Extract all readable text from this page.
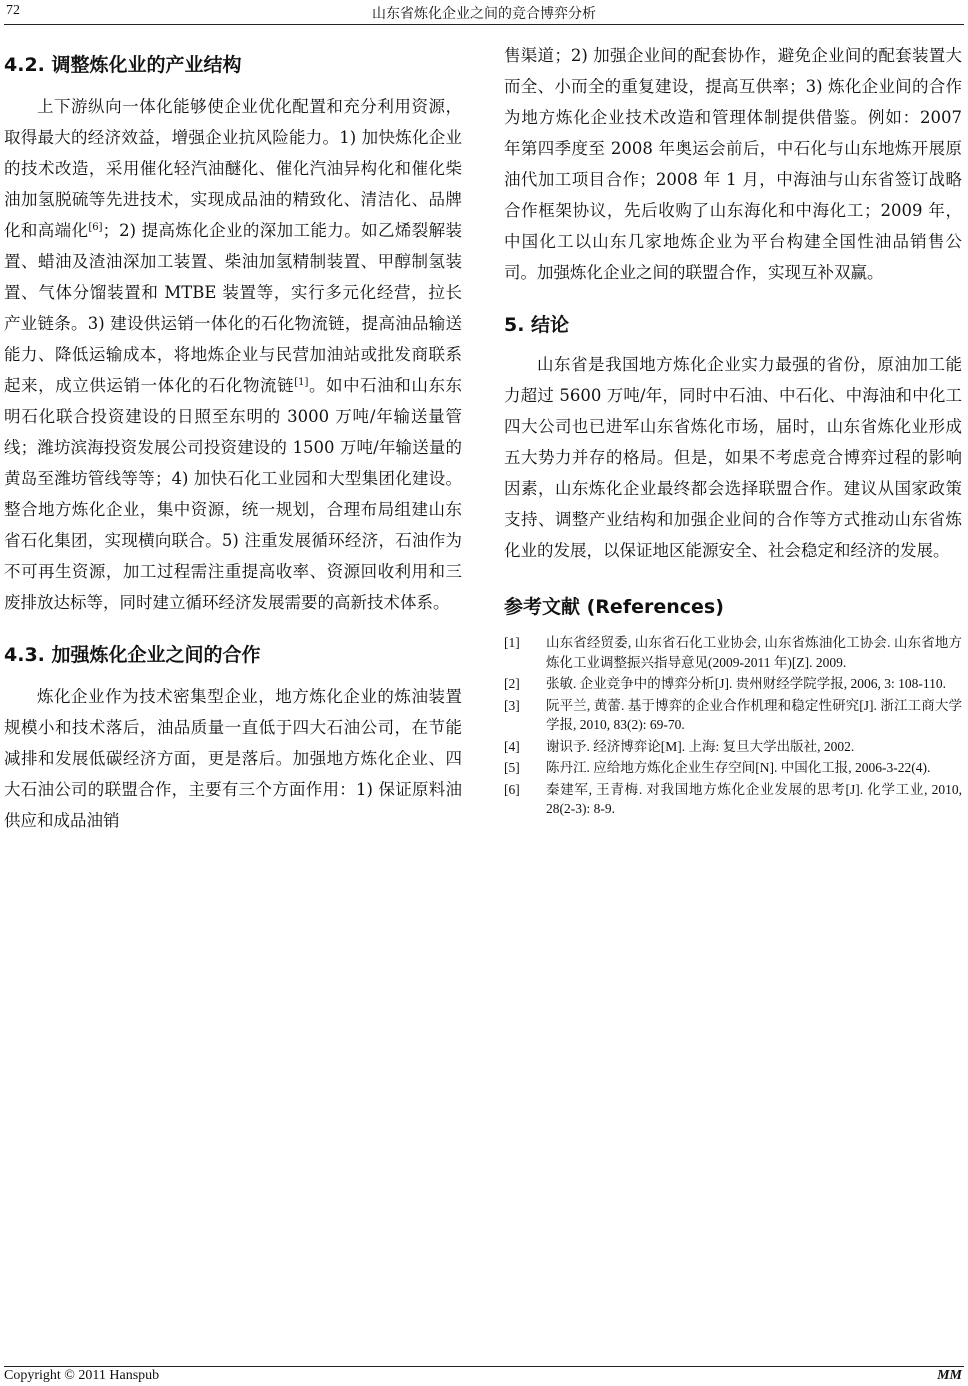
72	山东省炼化企业之间的竞合博弈分析
4.2. 调整炼化业的产业结构

上下游纵向一体化能够使企业优化配置和充分利用资源，取得最大的经济效益，增强企业抗风险能力。1) 加快炼化企业的技术改造，采用催化轻汽油醚化、催化汽油异构化和催化柴油加氢脱硫等先进技术，实现成品油的精致化、清洁化、品牌化和高端化[6]；2) 提高炼化企业的深加工能力。如乙烯裂解装置、蜡油及渣油深加工装置、柴油加氢精制装置、甲醇制氢装置、气体分馏装置和 MTBE 装置等，实行多元化经营，拉长产业链条。3) 建设供运销一体化的石化物流链，提高油品输送能力、降低运输成本，将地炼企业与民营加油站或批发商联系起来，成立供运销一体化的石化物流链[1]。如中石油和山东东明石化联合投资建设的日照至东明的 3000 万吨/年输送量管线；潍坊滨海投资发展公司投资建设的 1500 万吨/年输送量的黄岛至潍坊管线等等；4) 加快石化工业园和大型集团化建设。整合地方炼化企业，集中资源，统一规划，合理布局组建山东省石化集团，实现横向联合。5) 注重发展循环经济，石油作为不可再生资源，加工过程需注重提高收率、资源回收利用和三废排放达标等，同时建立循环经济发展需要的高新技术体系。

4.3. 加强炼化企业之间的合作

炼化企业作为技术密集型企业，地方炼化企业的炼油装置规模小和技术落后，油品质量一直低于四大石油公司，在节能减排和发展低碳经济方面，更是落后。加强地方炼化企业、四大石油公司的联盟合作，主要有三个方面作用：1) 保证原料油供应和成品油销

售渠道；2) 加强企业间的配套协作，避免企业间的配套装置大而全、小而全的重复建设，提高互供率；3) 炼化企业间的合作为地方炼化企业技术改造和管理体制提供借鉴。例如：2007 年第四季度至 2008 年奥运会前后，中石化与山东地炼开展原油代加工项目合作；2008 年 1 月，中海油与山东省签订战略合作框架协议，先后收购了山东海化和中海化工；2009 年，中国化工以山东几家地炼企业为平台构建全国性油品销售公司。加强炼化企业之间的联盟合作，实现互补双赢。

5. 结论

山东省是我国地方炼化企业实力最强的省份，原油加工能力超过 5600 万吨/年，同时中石油、中石化、中海油和中化工四大公司也已进军山东省炼化市场，届时，山东省炼化业形成五大势力并存的格局。但是，如果不考虑竞合博弈过程的影响因素，山东炼化企业最终都会选择联盟合作。建议从国家政策支持、调整产业结构和加强企业间的合作等方式推动山东省炼化业的发展，以保证地区能源安全、社会稳定和经济的发展。

参考文献 (References)
[1]	山东省经贸委, 山东省石化工业协会, 山东省炼油化工协会. 山东省地方炼化工业调整振兴指导意见(2009-2011 年)[Z]. 2009.
[2]	张敏. 企业竞争中的博弈分析[J]. 贵州财经学院学报, 2006, 3: 108-110.
[3]	阮平兰, 黄蕾. 基于博弈的企业合作机理和稳定性研究[J]. 浙江工商大学学报, 2010, 83(2): 69-70.
[4]	谢识予. 经济博弈论[M]. 上海: 复旦大学出版社, 2002.
[5]	陈丹江. 应给地方炼化企业生存空间[N]. 中国化工报, 2006-3-22(4).
[6]	秦建军, 王青梅. 对我国地方炼化企业发展的思考[J]. 化学工业, 2010, 28(2-3): 8-9.
Copyright © 2011 Hanspub	MM
